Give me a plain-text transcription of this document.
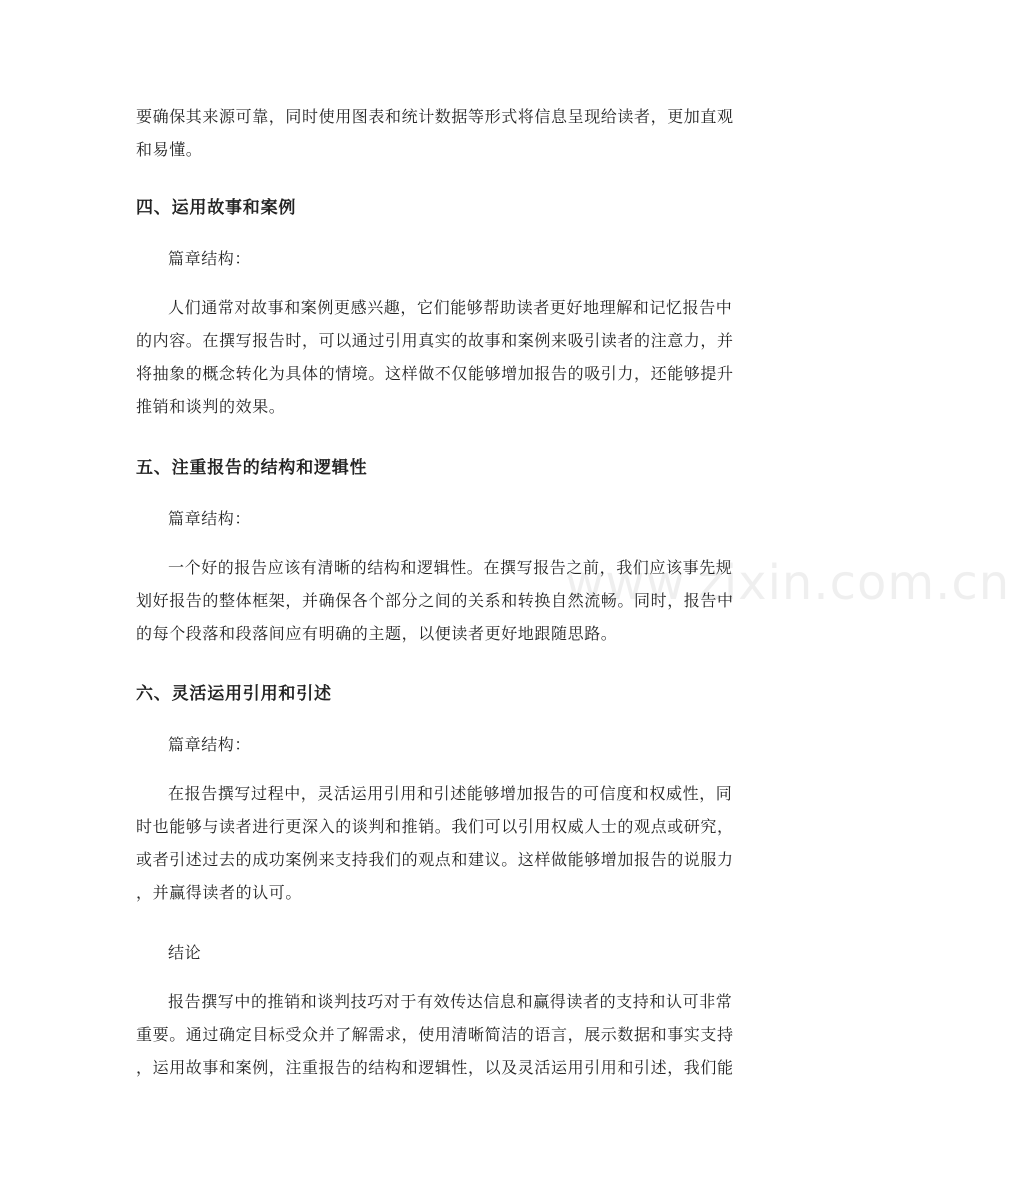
要确保其来源可靠，同时使用图表和统计数据等形式将信息呈现给读者，更加直观
和易懂。
四、运用故事和案例
篇章结构：
人们通常对故事和案例更感兴趣，它们能够帮助读者更好地理解和记忆报告中
的内容。在撰写报告时，可以通过引用真实的故事和案例来吸引读者的注意力，并
将抽象的概念转化为具体的情境。这样做不仅能够增加报告的吸引力，还能够提升
推销和谈判的效果。
五、注重报告的结构和逻辑性
篇章结构：
一个好的报告应该有清晰的结构和逻辑性。在撰写报告之前，我们应该事先规
划好报告的整体框架，并确保各个部分之间的关系和转换自然流畅。同时，报告中
的每个段落和段落间应有明确的主题，以便读者更好地跟随思路。
六、灵活运用引用和引述
篇章结构：
在报告撰写过程中，灵活运用引用和引述能够增加报告的可信度和权威性，同
时也能够与读者进行更深入的谈判和推销。我们可以引用权威人士的观点或研究，
或者引述过去的成功案例来支持我们的观点和建议。这样做能够增加报告的说服力
，并赢得读者的认可。
结论
报告撰写中的推销和谈判技巧对于有效传达信息和赢得读者的支持和认可非常
重要。通过确定目标受众并了解需求，使用清晰简洁的语言，展示数据和事实支持
，运用故事和案例，注重报告的结构和逻辑性，以及灵活运用引用和引述，我们能
www.zixin.com.cn
